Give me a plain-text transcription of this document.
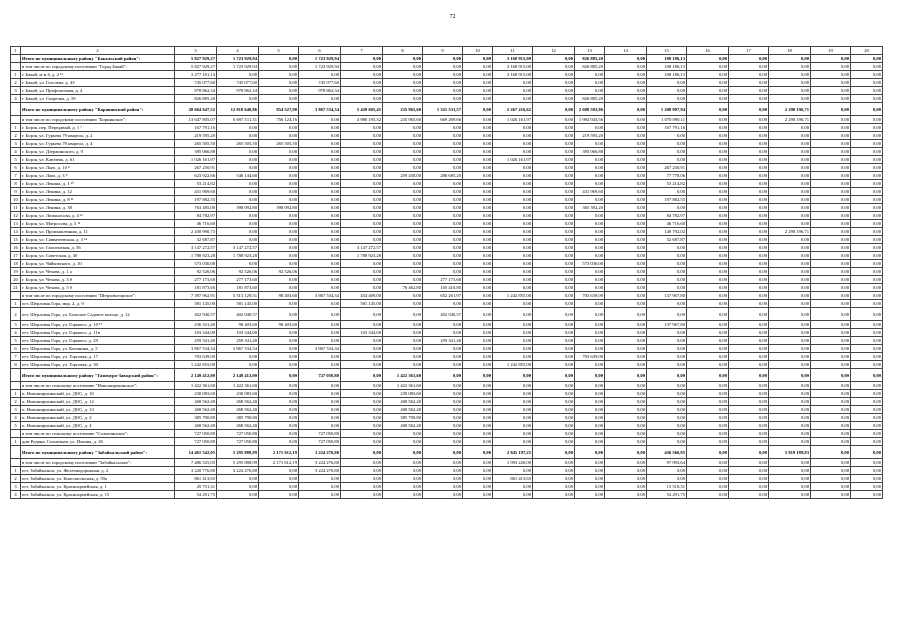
72
1	2	3	4	5	6	7	8	9	10	11	12	13	14	15	16	17	18	19	20
	Итого по муниципальному району "Бакальский район":	5 827 929,27	1 723 929,94	0,00	1 723 929,94	0,00	0,00	0,00	0,00	3 168 915,00	0,00	826 885,20	0,00	108 186,13	0,00	0,00	0,00	0,00	0,00
	в том числе по городскому поселению "Город Бакай":	5 827 929,27	1 723 929,94	0,00	1 723 929,94	0,00	0,00	0,00	0,00	3 168 915,00	0,00	826 885,20	0,00	108 186,13	0,00	0,00	0,00	0,00	0,00
1	г. Бакай, м-н 4, д. 2 ¹²	3 277 101,13	0,00	0,00	0,00	0,00	0,00	0,00	0,00	3 168 915,00	0,00	0,00	0,00	108 186,13	0,00	0,00	0,00	0,00	0,00
2	г. Бакай, ул. Гоголева, д. 43	745 077,60	745 077,60	0,00	745 077,60	0,00	0,00	0,00	0,00	0,00	0,00	0,00	0,00	0,00	0,00	0,00	0,00	0,00	0,00
3	г. Бакай, ул. Профсоюзная, д. 4	978 862,34	978 862,34	0,00	978 862,34	0,00	0,00	0,00	0,00	0,00	0,00	0,00	0,00	0,00	0,00	0,00	0,00	0,00	0,00
4	г. Бакай, ул. Спартака, д. 59	826 885,20	0,00	0,00	0,00	0,00	0,00	0,00	0,00	0,00	0,00	826 885,20	0,00	0,00	0,00	0,00	0,00	0,00	0,00
	Итого по муниципальному району "Карапинский район":	20 664 647,52	12 010 640,86	854 527,90	3 867 534,34	5 420 605,45	235 965,60	1 321 531,57	0,00	2 267 216,62	0,00	2 688 582,86	0,00	1 208 907,94	0,00	0,00	2 290 196,71	0,00	0,00
	в том числе по городскому поселению "Борнинское":	13 647 805,07	6 697 511,31	756 124,16	0,00	4 986 195,32	235 965,60	669 269,66	0,00	1 026 161,97	0,00	1 984 943,56	0,00	1 070 090,11	0,00	0,00	2 290 196,71	0,00	0,00
1	г. Борзя, пер. Передавый, д. 1 ⁷	167 791,16	0,00	0,00	0,00	0,00	0,00	0,00	0,00	0,00	0,00	0,00	0,00	167 791,16	0,00	0,00	0,00	0,00	0,00
2	г. Борзя, ул. Гурьева 79 квартал, д. 2	219 595,20	0,00	0,00	0,00	0,00	0,00	0,00	0,00	0,00	0,00	219 595,20	0,00	0,00	0,00	0,00	0,00	0,00	0,00
3	г. Борзя, ул. Гурьева 79 квартал, д. 4	265 505,50	265 505,50	265 505,50	0,00	0,00	0,00	0,00	0,00	0,00	0,00	0,00	0,00	0,00	0,00	0,00	0,00	0,00	0,00
4	г. Борзя, ул. Дзержинского, д. 9	395 066,88	0,00	0,00	0,00	0,00	0,00	0,00	0,00	0,00	0,00	395 066,88	0,00	0,00	0,00	0,00	0,00	0,00	0,00
5	г. Борзя, ул. Ключева, д. 61	1 026 161,97	0,00	0,00	0,00	0,00	0,00	0,00	0,00	1 026 161,97	0,00	0,00	0,00	0,00	0,00	0,00	0,00	0,00	0,00
6	г. Борзя, ул. Лаzo, д. 10 ⁸	267 250,91	0,00	0,00	0,00	0,00	0,00	0,00	0,00	0,00	0,00	0,00	0,00	267 250,91	0,00	0,00	0,00	0,00	0,00
7	г. Борзя, ул. Лаzo, д. 3 ⁹	623 922,66	546 144,60	0,00	0,00	0,00	259 458,00	286 685,20	0,00	0,00	0,00	0,00	0,00	77 778,06	0,00	0,00	0,00	0,00	0,00
8	г. Борзя, ул. Ленина, д. 1 ¹⁰	53 214,82	0,00	0,00	0,00	0,00	0,00	0,00	0,00	0,00	0,00	0,00	0,00	53 214,82	0,00	0,00	0,00	0,00	0,00
9	г. Борзя, ул. Ленина, д. 12	431 969,60	0,00	0,00	0,00	0,00	0,00	0,00	0,00	0,00	0,00	431 969,60	0,00	0,00	0,00	0,00	0,00	0,00	0,00
10	г. Борзя, ул. Ленина, д. 8 ¹¹	197 882,55	0,00	0,00	0,00	0,00	0,00	0,00	0,00	0,00	0,00	0,00	0,00	197 882,55	0,00	0,00	0,00	0,00	0,00
11	г. Борзя, ул. Ленина, д. 38	763 485,00	398 092,80	398 092,80	0,00	0,00	0,00	0,00	0,00	0,00	0,00	365 392,20	0,00	0,00	0,00	0,00	0,00	0,00	0,00
12	г. Борзя, ул. Ломоносова, д. 4 ¹²	84 782,97	0,00	0,00	0,00	0,00	0,00	0,00	0,00	0,00	0,00	0,00	0,00	84 782,97	0,00	0,00	0,00	0,00	0,00
13	г. Борзя, ул. Матросова, д. 3 ¹³	46 716,60	0,00	0,00	0,00	0,00	0,00	0,00	0,00	0,00	0,00	0,00	0,00	46 716,60	0,00	0,00	0,00	0,00	0,00
14	г. Борзя, ул. Промышленная, д. 11	2 430 990,73	0,00	0,00	0,00	0,00	0,00	0,00	0,00	0,00	0,00	0,00	0,00	140 792,02	0,00	0,00	2 290 196,71	0,00	0,00
15	г. Борзя, ул. Савватеевская, д. 3 ¹⁴	32 687,87	0,00	0,00	0,00	0,00	0,00	0,00	0,00	0,00	0,00	0,00	0,00	32 687,87	0,00	0,00	0,00	0,00	0,00
16	г. Борзя, ул. Смоленская, д. 56	3 147 272,57	3 147 272,57	0,00	0,00	3 147 272,57	0,00	0,00	0,00	0,00	0,00	0,00	0,00	0,00	0,00	0,00	0,00	0,00	0,00
17	г. Борзя, ул. Советская, д. 30	1 788 923,28	1 788 923,28	0,00	0,00	1 788 923,28	0,00	0,00	0,00	0,00	0,00	0,00	0,00	0,00	0,00	0,00	0,00	0,00	0,00
18	г. Борзя, ул. Чайковского, д. 10	573 030,00	0,00	0,00	0,00	0,00	0,00	0,00	0,00	0,00	0,00	573 030,00	0,00	0,00	0,00	0,00	0,00	0,00	0,00
19	г. Борзя, ул. Чехова, д. 1 а	92 526,06	92 526,06	92 526,06	0,00	0,00	0,00	0,00	0,00	0,00	0,00	0,00	0,00	0,00	0,00	0,00	0,00	0,00	0,00
20	г. Борзя, ул. Чехова, д. 3 б	277 173,60	277 173,60	0,00	0,00	0,00	0,00	277 173,60	0,00	0,00	0,00	0,00	0,00	0,00	0,00	0,00	0,00	0,00	0,00
21	г. Борзя, ул. Чехова, д. 5 б	181 873,60	181 873,60	0,00	0,00	0,00	76 462,80	105 410,80	0,00	0,00	0,00	0,00	0,00	0,00	0,00	0,00	0,00	0,00	0,00
	в том числе по городскому поселению "Шерловогорское":	7 397 962,91	5 313 129,51	98 403,60	3 867 534,34	434 409,00	0,00	652 261,97	0,00	1 242 855,00	0,00	703 639,09	0,00	137 967,80	0,00	0,00	0,00	0,00	0,00
1	пгт. Шерловая Гора, мкр. 2, д. 9	581 145,00	581 145,00	0,00	0,00	581 145,00	0,00	0,00	0,00	0,00	0,00	0,00	0,00	0,00	0,00	0,00	0,00	0,00	0,00
2	пгт. Шерловая Гора, ул. Большое Садовое кольцо, д. 12	402 940,57	402 940,57	0,00	0,00	0,00	0,00	402 940,57	0,00	0,00	0,00	0,00	0,00	0,00	0,00	0,00	0,00	0,00	0,00
3	пгт. Шерловая Гора, ул. Горького, д. 10 ¹⁵	236 331,40	98 403,60	98 403,60	0,00	0,00	0,00	0,00	0,00	0,00	0,00	0,00	0,00	137 967,80	0,00	0,00	0,00	0,00	0,00
4	пгт. Шерловая Гора, ул. Горького, д. 11в	103 344,00	103 344,00	0,00	0,00	103 344,00	0,00	0,00	0,00	0,00	0,00	0,00	0,00	0,00	0,00	0,00	0,00	0,00	0,00
5	пгт. Шерловая Гора, ул. Горького, д. 29	259 341,40	259 341,40	0,00	0,00	0,00	0,00	259 341,40	0,00	0,00	0,00	0,00	0,00	0,00	0,00	0,00	0,00	0,00	0,00
6	пгт. Шерловая Гора, ул. Калинина, д. 5	3 867 534,34	3 867 534,34	0,00	3 867 534,34	0,00	0,00	0,00	0,00	0,00	0,00	0,00	0,00	0,00	0,00	0,00	0,00	0,00	0,00
7	пгт. Шерловая Гора, ул. Торговая, д. 17	703 639,00	0,00	0,00	0,00	0,00	0,00	0,00	0,00	0,00	0,00	703 639,00	0,00	0,00	0,00	0,00	0,00	0,00	0,00
8	пгт. Шерловая Гора, ул. Торговая, д. 30	1 242 855,00	0,00	0,00	0,00	0,00	0,00	0,00	0,00	1 242 855,00	0,00	0,00	0,00	0,00	0,00	0,00	0,00	0,00	0,00
	Итого по муниципальному району "Газимуро-Заводский район":	2 149 412,00	2 149 412,00	0,00	727 050,80	0,00	1 422 361,60	0,00	0,00	0,00	0,00	0,00	0,00	0,00	0,00	0,00	0,00	0,00	0,00
	в том числе по сельскому поселению "Новоширокинское":	1 422 361,60	1 422 361,60	0,00	0,00	0,00	1 422 361,60	0,00	0,00	0,00	0,00	0,00	0,00	0,00	0,00	0,00	0,00	0,00	0,00
1	п. Новоширокинский, ул. ДОС, д. 10	230 083,60	230 083,60	0,00	0,00	0,00	230 083,60	0,00	0,00	0,00	0,00	0,00	0,00	0,00	0,00	0,00	0,00	0,00	0,00
2	п. Новоширокинский, ул. ДОС, д. 12	268 562,40	268 562,40	0,00	0,00	0,00	268 562,40	0,00	0,00	0,00	0,00	0,00	0,00	0,00	0,00	0,00	0,00	0,00	0,00
3	п. Новоширокинский, ул. ДОС, д. 13	268 562,40	268 562,40	0,00	0,00	0,00	268 562,40	0,00	0,00	0,00	0,00	0,00	0,00	0,00	0,00	0,00	0,00	0,00	0,00
4	п. Новоширокинский, ул. ДОС, д. 2	385 790,80	385 790,80	0,00	0,00	0,00	385 790,80	0,00	0,00	0,00	0,00	0,00	0,00	0,00	0,00	0,00	0,00	0,00	0,00
5	п. Новоширокинский, ул. ДОС, д. 4	268 562,40	268 562,40	0,00	0,00	0,00	268 562,40	0,00	0,00	0,00	0,00	0,00	0,00	0,00	0,00	0,00	0,00	0,00	0,00
	в том числе по сельскому поселению "Солнечинское":	727 050,80	727 050,80	0,00	727 050,80	0,00	0,00	0,00	0,00	0,00	0,00	0,00	0,00	0,00	0,00	0,00	0,00	0,00	0,00
1	дом Родина, Солнечная, ул. Ильина, д. 26	727 050,80	727 050,80	0,00	727 050,80	0,00	0,00	0,00	0,00	0,00	0,00	0,00	0,00	0,00	0,00	0,00	0,00	0,00	0,00
	Итого по муниципальному району "Забайкальский район":	14 461 542,05	5 295 888,99	2 171 612,19	3 224 276,80	0,00	0,00	0,00	0,00	2 845 197,25	0,00	0,00	0,00	436 566,95	0,00	0,00	5 819 189,83	0,00	0,00
	в том числе по городскому поселению "Забайкальское":	7 486 525,05	5 295 888,99	2 171 612,19	3 224 276,80	0,00	0,00	0,00	0,00	1 993 226,00	0,00	0,00	0,00	97 993,64	0,00	0,00	0,00	0,00	0,00
1	пгт. Забайкальск, ул. Железнодорожная, д. 2	3 220 776,80	3 224 276,80	0,00	3 224 276,80	0,00	0,00	0,00	0,00	0,00	0,00	0,00	0,00	0,00	0,00	0,00	0,00	0,00	0,00
2	пгт. Забайкальск, ул. Комсомольская, д. 59а	861 413,65	0,00	0,00	0,00	0,00	0,00	0,00	0,00	861 413,65	0,00	0,00	0,00	0,00	0,00	0,00	0,00	0,00	0,00
3	пгт. Забайкальск, ул. Красноармейская, д. 1	45 751,31	0,00	0,00	0,00	0,00	0,00	0,00	0,00	0,00	0,00	0,00	0,00	15 518,31	0,00	0,00	0,00	0,00	0,00
4	пгт. Забайкальск, ул. Красноармейская, д. 15	54 291,75	0,00	0,00	0,00	0,00	0,00	0,00	0,00	0,00	0,00	0,00	0,00	54 291,75	0,00	0,00	0,00	0,00	0,00
